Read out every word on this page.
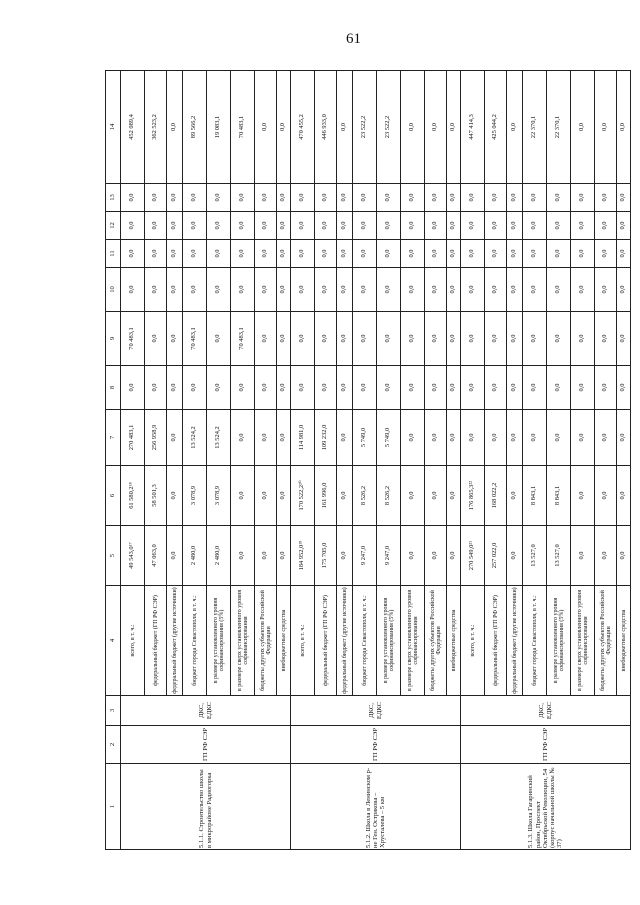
61
1	2	3	4	5	6	7	8	9	10	11	12	13	14
5.1.1. Строительство школы в микрорайоне Радиогорка	ГП РФ СЭР	ДКС, ЕДКС	всего, в т. ч.:	49 543,0¹⁷	61 580,2¹⁸	270 483,1	0,0	70 483,1	0,0	0,0	0,0	0,0	452 089,4
			федеральный бюджет (ГП РФ СЭР)	47 063,0	58 501,3	256 958,9	0,0	0,0	0,0	0,0	0,0	0,0	362 523,2
			федеральный бюджет (другие источники)	0,0	0,0	0,0	0,0	0,0	0,0	0,0	0,0	0,0	0,0
			бюджет города Севастополя, в т. ч.:	2 480,0	3 078,9	13 524,2	0,0	70 483,1	0,0	0,0	0,0	0,0	89 566,2
			в размере установленного уровня софинансирования (5%)	2 480,0	3 078,9	13 524,2	0,0	0,0	0,0	0,0	0,0	0,0	19 083,1
			в размере сверх установленного уровня софинансирования	0,0	0,0	0,0	0,0	70 483,1	0,0	0,0	0,0	0,0	70 483,1
			бюджеты других субъектов Российской Федерации	0,0	0,0	0,0	0,0	0,0	0,0	0,0	0,0	0,0	0,0
			внебюджетные средства	0,0	0,0	0,0	0,0	0,0	0,0	0,0	0,0	0,0	0,0
5.1.2. Школа в Ленинском р-не Ген. Острякова – Хрусталева – 5 км	ГП РФ СЭР	ДКС, ЕДКС	всего, в т. ч.:	184 952,0¹⁹	170 522,2²⁰	114 981,0	0,0	0,0	0,0	0,0	0,0	0,0	470 455,2
			федеральный бюджет (ГП РФ СЭР)	175 705,0	161 996,0	109 232,0	0,0	0,0	0,0	0,0	0,0	0,0	446 933,0
			федеральный бюджет (другие источники)	0,0	0,0	0,0	0,0	0,0	0,0	0,0	0,0	0,0	0,0
			бюджет города Севастополя, в т. ч.:	9 247,0	8 526,2	5 749,0	0,0	0,0	0,0	0,0	0,0	0,0	23 522,2
			в размере установленного уровня софинансирования (5%)	9 247,0	8 526,2	5 749,0	0,0	0,0	0,0	0,0	0,0	0,0	23 522,2
			в размере сверх установленного уровня софинансирования	0,0	0,0	0,0	0,0	0,0	0,0	0,0	0,0	0,0	0,0
			бюджеты других субъектов Российской Федерации	0,0	0,0	0,0	0,0	0,0	0,0	0,0	0,0	0,0	0,0
			внебюджетные средства	0,0	0,0	0,0	0,0	0,0	0,0	0,0	0,0	0,0	0,0
5.1.3. Школа Гагаринский район, Проспект Октябрьской Революции, 54 (корпус начальной школы № 37)	ГП РФ СЭР	ДКС, ЕДКС	всего, в т. ч.:	270 549,0²¹	176 865,3²²	0,0	0,0	0,0	0,0	0,0	0,0	0,0	447 414,3
			федеральный бюджет (ГП РФ СЭР)	257 022,0	168 022,2	0,0	0,0	0,0	0,0	0,0	0,0	0,0	425 044,2
			федеральный бюджет (другие источники)	0,0	0,0	0,0	0,0	0,0	0,0	0,0	0,0	0,0	0,0
			бюджет города Севастополя, в т. ч.:	13 527,0	8 843,1	0,0	0,0	0,0	0,0	0,0	0,0	0,0	22 370,1
			в размере установленного уровня софинансирования (5%)	13 527,0	8 843,1	0,0	0,0	0,0	0,0	0,0	0,0	0,0	22 370,1
			в размере сверх установленного уровня софинансирования	0,0	0,0	0,0	0,0	0,0	0,0	0,0	0,0	0,0	0,0
			бюджеты других субъектов Российской Федерации	0,0	0,0	0,0	0,0	0,0	0,0	0,0	0,0	0,0	0,0
			внебюджетные средства	0,0	0,0	0,0	0,0	0,0	0,0	0,0	0,0	0,0	0,0
